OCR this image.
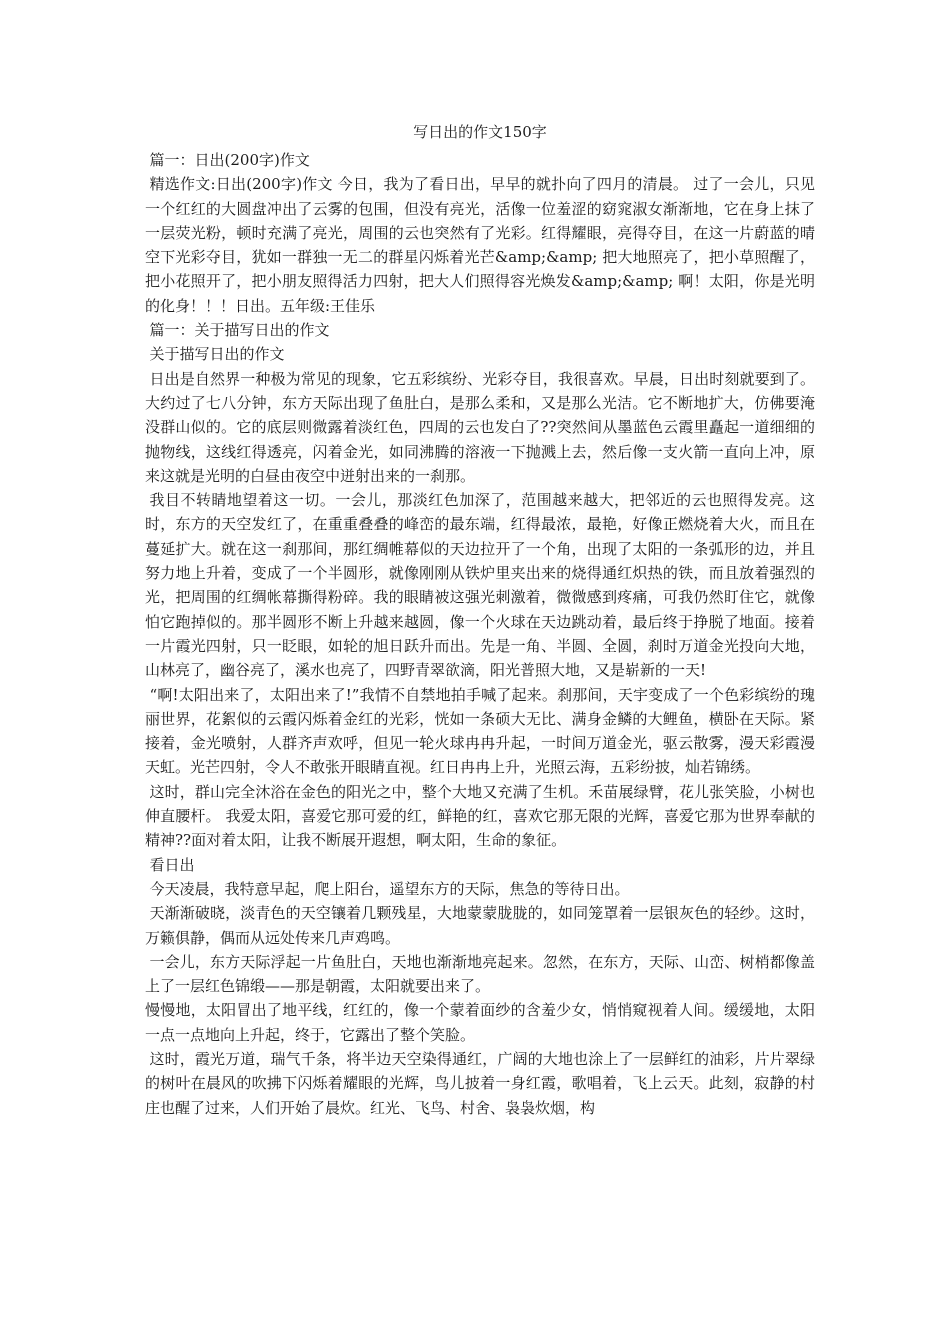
写日出的作文150字

篇一：日出(200字)作文

精选作文:日出(200字)作文 今日，我为了看日出，早早的就扑向了四月的清晨。 过了一会儿，只见一个红红的大圆盘冲出了云雾的包围，但没有亮光，活像一位羞涩的窈窕淑女渐渐地，它在身上抹了一层荧光粉，顿时充满了亮光，周围的云也突然有了光彩。红得耀眼，亮得夺目，在这一片蔚蓝的晴空下光彩夺目，犹如一群独一无二的群星闪烁着光芒&amp;&amp; 把大地照亮了，把小草照醒了，把小花照开了，把小朋友照得活力四射，把大人们照得容光焕发&amp;&amp; 啊！太阳，你是光明的化身！！！日出。五年级:王佳乐

篇一：关于描写日出的作文

关于描写日出的作文

日出是自然界一种极为常见的现象，它五彩缤纷、光彩夺目，我很喜欢。早晨，日出时刻就要到了。大约过了七八分钟，东方天际出现了鱼肚白，是那么柔和，又是那么光洁。它不断地扩大，仿佛要淹没群山似的。它的底层则微露着淡红色，四周的云也发白了??突然间从墨蓝色云霞里矗起一道细细的抛物线，这线红得透亮，闪着金光，如同沸腾的溶液一下抛溅上去，然后像一支火箭一直向上冲，原来这就是光明的白昼由夜空中迸射出来的一刹那。

我目不转睛地望着这一切。一会儿，那淡红色加深了，范围越来越大，把邻近的云也照得发亮。这时，东方的天空发红了，在重重叠叠的峰峦的最东端，红得最浓，最艳，好像正燃烧着大火，而且在蔓延扩大。就在这一刹那间，那红绸帷幕似的天边拉开了一个角，出现了太阳的一条弧形的边，并且努力地上升着，变成了一个半圆形，就像刚刚从铁炉里夹出来的烧得通红炽热的铁，而且放着强烈的光，把周围的红绸帐幕撕得粉碎。我的眼睛被这强光刺激着，微微感到疼痛，可我仍然盯住它，就像怕它跑掉似的。那半圆形不断上升越来越圆，像一个火球在天边跳动着，最后终于挣脱了地面。接着一片霞光四射，只一眨眼，如轮的旭日跃升而出。先是一角、半圆、全圆，刹时万道金光投向大地，山林亮了，幽谷亮了，溪水也亮了，四野青翠欲滴，阳光普照大地，又是崭新的一天!

“啊!太阳出来了，太阳出来了!”我情不自禁地拍手喊了起来。刹那间，天宇变成了一个色彩缤纷的瑰丽世界，花絮似的云霞闪烁着金红的光彩，恍如一条硕大无比、满身金鳞的大鲤鱼，横卧在天际。紧接着，金光喷射，人群齐声欢呼，但见一轮火球冉冉升起，一时间万道金光，驱云散雾，漫天彩霞漫天虹。光芒四射，令人不敢张开眼睛直视。红日冉冉上升，光照云海，五彩纷披，灿若锦绣。

这时，群山完全沐浴在金色的阳光之中，整个大地又充满了生机。禾苗展绿臂，花儿张笑脸，小树也伸直腰杆。 我爱太阳，喜爱它那可爱的红，鲜艳的红，喜欢它那无限的光辉，喜爱它那为世界奉献的精神??面对着太阳，让我不断展开遐想，啊太阳，生命的象征。

看日出

今天凌晨，我特意早起，爬上阳台，遥望东方的天际，焦急的等待日出。

天渐渐破晓，淡青色的天空镶着几颗残星，大地蒙蒙胧胧的，如同笼罩着一层银灰色的轻纱。这时，万籁俱静，偶而从远处传来几声鸡鸣。

一会儿，东方天际浮起一片鱼肚白，天地也渐渐地亮起来。忽然，在东方，天际、山峦、树梢都像盖上了一层红色锦缎——那是朝霞，太阳就要出来了。

慢慢地，太阳冒出了地平线，红红的，像一个蒙着面纱的含羞少女，悄悄窥视着人间。缓缓地，太阳一点一点地向上升起，终于，它露出了整个笑脸。

这时，霞光万道，瑞气千条，将半边天空染得通红，广阔的大地也涂上了一层鲜红的油彩，片片翠绿的树叶在晨风的吹拂下闪烁着耀眼的光辉，鸟儿披着一身红霞，歌唱着，飞上云天。此刻，寂静的村庄也醒了过来，人们开始了晨炊。红光、飞鸟、村舍、袅袅炊烟，构
